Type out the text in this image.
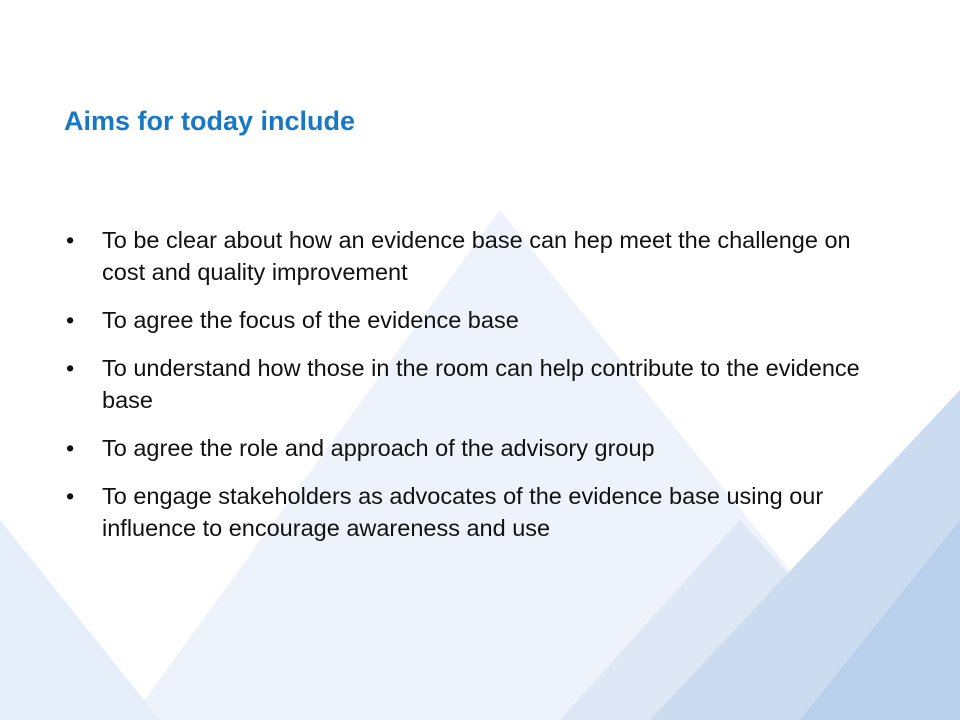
Aims for today include
• To be clear about how an evidence base can hep meet the challenge on cost and quality improvement
• To agree the focus of the evidence base
• To understand how those in the room can help contribute to the evidence base
• To agree the role and approach of the advisory group
• To engage stakeholders as advocates of the evidence base using our influence to encourage awareness and use
